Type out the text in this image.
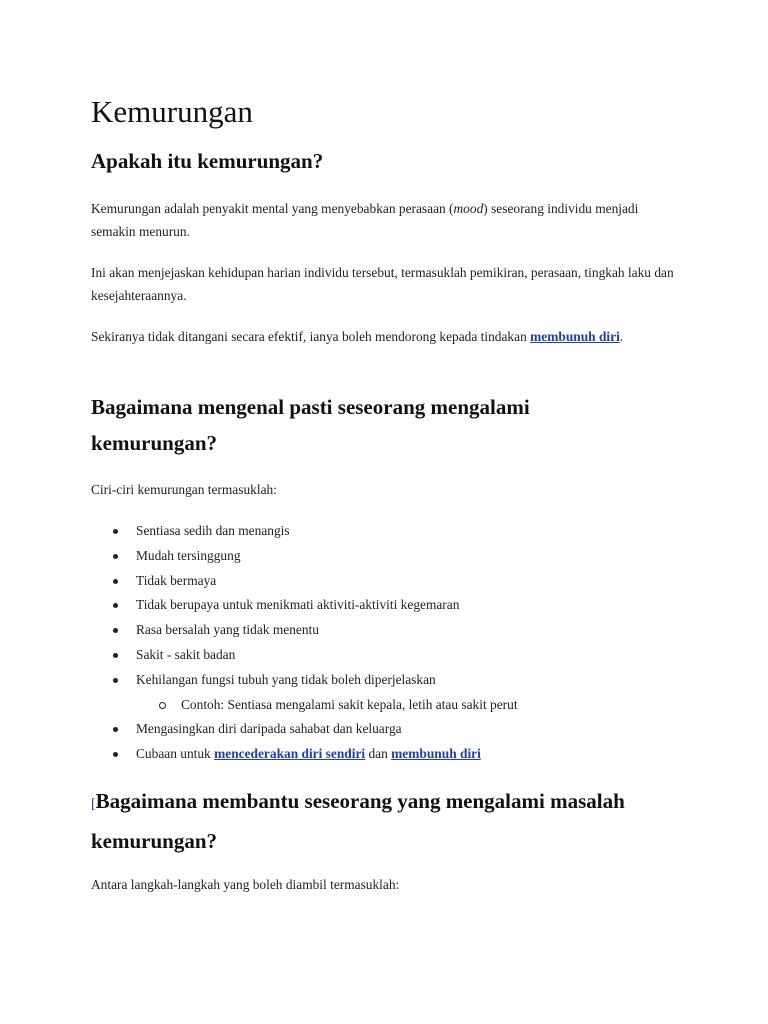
Kemurungan
Apakah itu kemurungan?

Kemurungan adalah penyakit mental yang menyebabkan perasaan (mood) seseorang individu menjadi semakin menurun.

Ini akan menjejaskan kehidupan harian individu tersebut, termasuklah pemikiran, perasaan, tingkah laku dan kesejahteraannya.

Sekiranya tidak ditangani secara efektif, ianya boleh mendorong kepada tindakan membunuh diri.

Bagaimana mengenal pasti seseorang mengalami kemurungan?

Ciri-ciri kemurungan termasuklah:

Sentiasa sedih dan menangis
Mudah tersinggung
Tidak bermaya
Tidak berupaya untuk menikmati aktiviti-aktiviti kegemaran
Rasa bersalah yang tidak menentu
Sakit - sakit badan
Kehilangan fungsi tubuh yang tidak boleh diperjelaskan
Contoh: Sentiasa mengalami sakit kepala, letih atau sakit perut
Mengasingkan diri daripada sahabat dan keluarga
Cubaan untuk mencederakan diri sendiri dan membunuh diri
[Bagaimana membantu seseorang yang mengalami masalah kemurungan?

Antara langkah-langkah yang boleh diambil termasuklah:
